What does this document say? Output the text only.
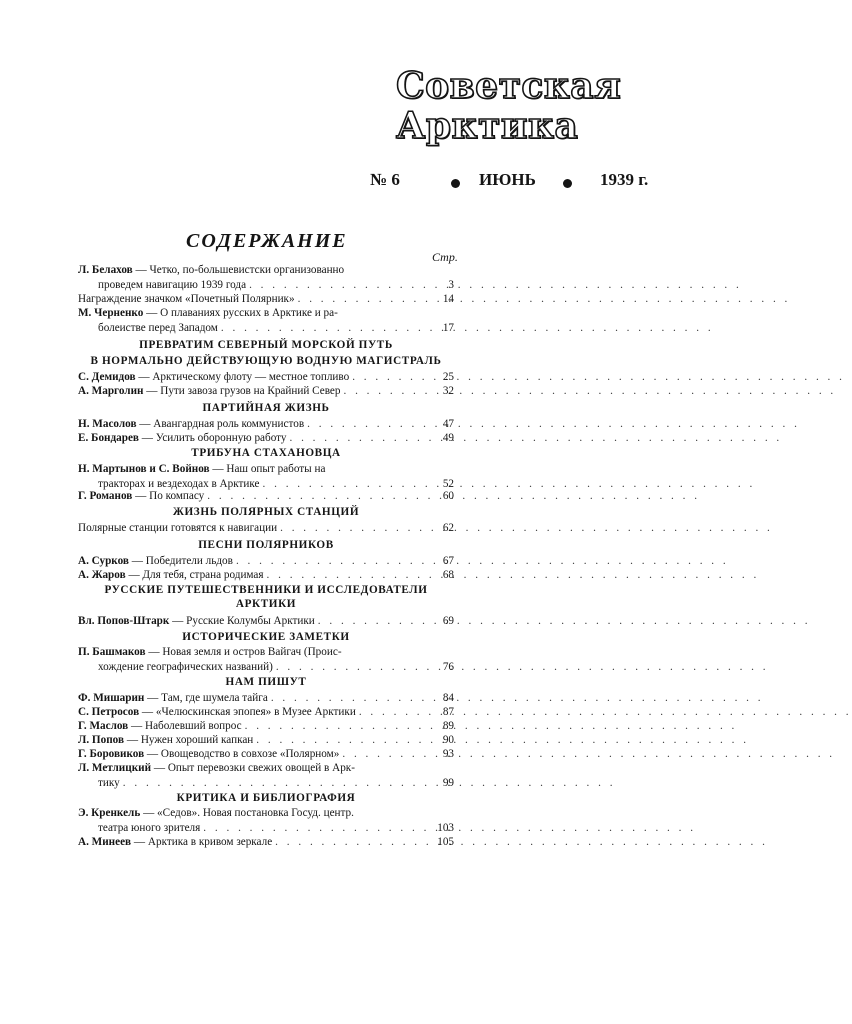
Советская
Арктика
№ 6	ИЮНЬ	1939 г.
СОДЕРЖАНИЕ
Стр.
Л. Белахов — Четко, по-большевистски организованно
проведем навигацию 1939 года . . .	3
Награждение значком «Почетный Полярник» . . .	14
М. Черненко — О плаваниях русских в Арктике и ра-
болеистве перед Западом . . .	17
ПРЕВРАТИМ СЕВЕРНЫЙ МОРСКОЙ ПУТЬ
В НОРМАЛЬНО ДЕЙСТВУЮЩУЮ ВОДНУЮ МАГИСТРАЛЬ
С. Демидов — Арктическому флоту — местное топливо . . .	25
А. Марголин — Пути завоза грузов на Крайний Север . . .	32
ПАРТИЙНАЯ ЖИЗНЬ
Н. Масолов — Авангардная роль коммунистов . . .	47
Е. Бондарев — Усилить оборонную работу . . .	49
ТРИБУНА СТАХАНОВЦА
Н. Мартынов и С. Войнов — Наш опыт работы на
тракторах и вездеходах в Арктике . . .	52
Г. Романов — По компасу . . .	60
ЖИЗНЬ ПОЛЯРНЫХ СТАНЦИЙ
Полярные станции готовятся к навигации . . .	62
ПЕСНИ ПОЛЯРНИКОВ
А. Сурков — Победители льдов . . .	67
А. Жаров — Для тебя, страна родимая . . .	68
РУССКИЕ ПУТЕШЕСТВЕННИКИ И ИССЛЕДОВАТЕЛИ
АРКТИКИ
Вл. Попов-Штарк — Русские Колумбы Арктики . . .	69
ИСТОРИЧЕСКИЕ ЗАМЕТКИ
П. Башмаков — Новая земля и остров Вайгач (Проис-
хождение географических названий) . . .	76
НАМ ПИШУТ
Ф. Мишарин — Там, где шумела тайга . . .	84
С. Петросов — «Челюскинская эпопея» в Музее Арктики . . .	87
Г. Маслов — Наболевший вопрос . . .	89
Л. Попов — Нужен хороший капкан . . .	90
Г. Боровиков — Овощеводство в совхозе «Полярном» . . .	93
Л. Метлицкий — Опыт перевозки свежих овощей в Арк-
тику . . .	99
КРИТИКА И БИБЛИОГРАФИЯ
Э. Кренкель — «Седов». Новая постановка Госуд. центр.
театра юного зрителя . . .	103
А. Минеев — Арктика в кривом зеркале . . .	105
